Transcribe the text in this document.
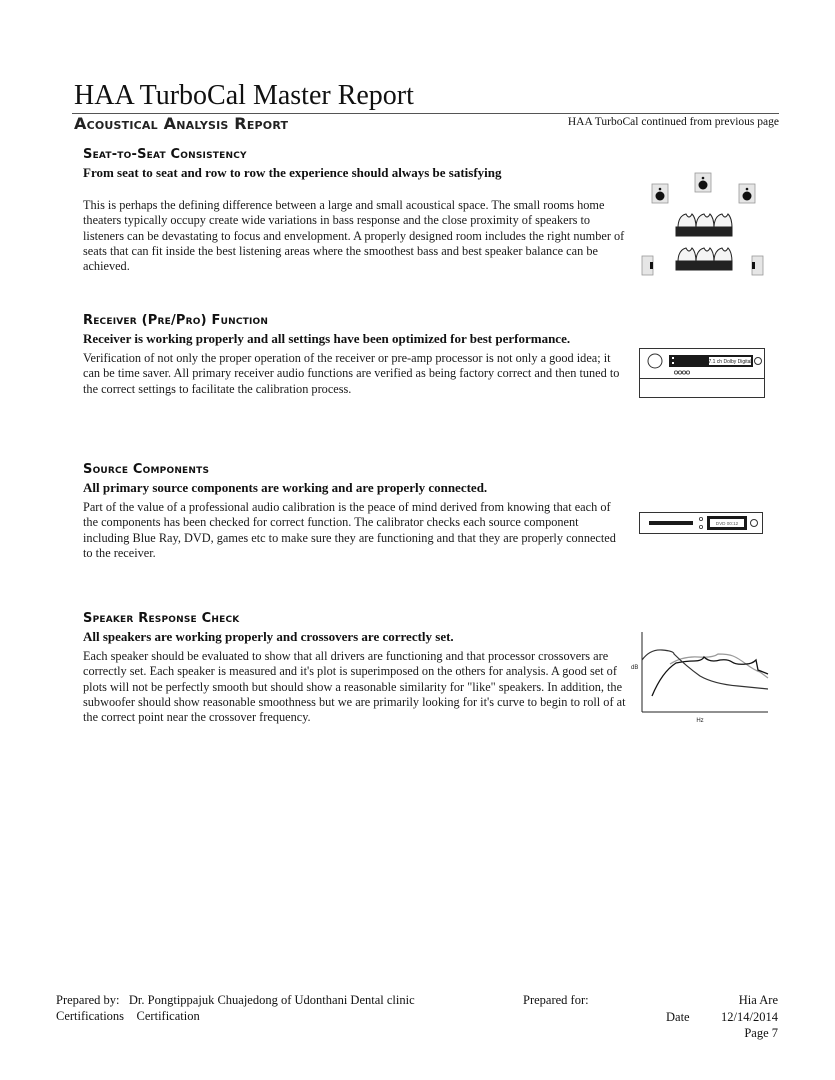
HAA TurboCal Master Report
Acoustical Analysis Report	HAA TurboCal continued from previous page
Seat-to-Seat Consistency

From seat to seat and row to row the experience should always be satisfying

This is perhaps the defining difference between a large and small acoustical space. The small rooms home theaters typically occupy create wide variations in bass response and the close proximity of speakers to listeners can be devastating to focus and envelopment. A properly designed room includes the right number of seats that can fit inside the best listening areas where the smoothest bass and best speaker balance can be achieved.

Receiver (Pre/Pro) Function

Receiver is working properly and all settings have been optimized for best performance.

Verification of not only the proper operation of the receiver or pre-amp processor is not only a good idea; it can be time saver. All primary receiver audio functions are verified as being factory correct and then tuned to the correct settings to facilitate the calibration process.

7.1 ch Dolby Digital
Source Components

All primary source components are working and are properly connected.

Part of the value of a professional audio calibration is the peace of mind derived from knowing that each of the components has been checked for correct function. The calibrator checks each source component including Blue Ray, DVD, games etc to make sure they are functioning and that they are properly connected to the receiver.

DVD 00:12
Speaker Response Check

All speakers are working properly and crossovers are correctly set.

Each speaker should be evaluated to show that all drivers are functioning and that processor crossovers are correctly set. Each speaker is measured and it's plot is superimposed on the others for analysis. A good set of plots will not be perfectly smooth but should show a reasonable similarity for "like" speakers. In addition, the subwoofer should show reasonable smoothness but we are primarily looking for it's curve to begin to roll of at the correct point near the crossover frequency.

dB
Hz
Prepared by: Dr. Pongtippajuk Chuajedong of Udonthani Dental clinic
Certifications Certification
Prepared for:	Hia Are
Date	12/14/2014
Page 7
